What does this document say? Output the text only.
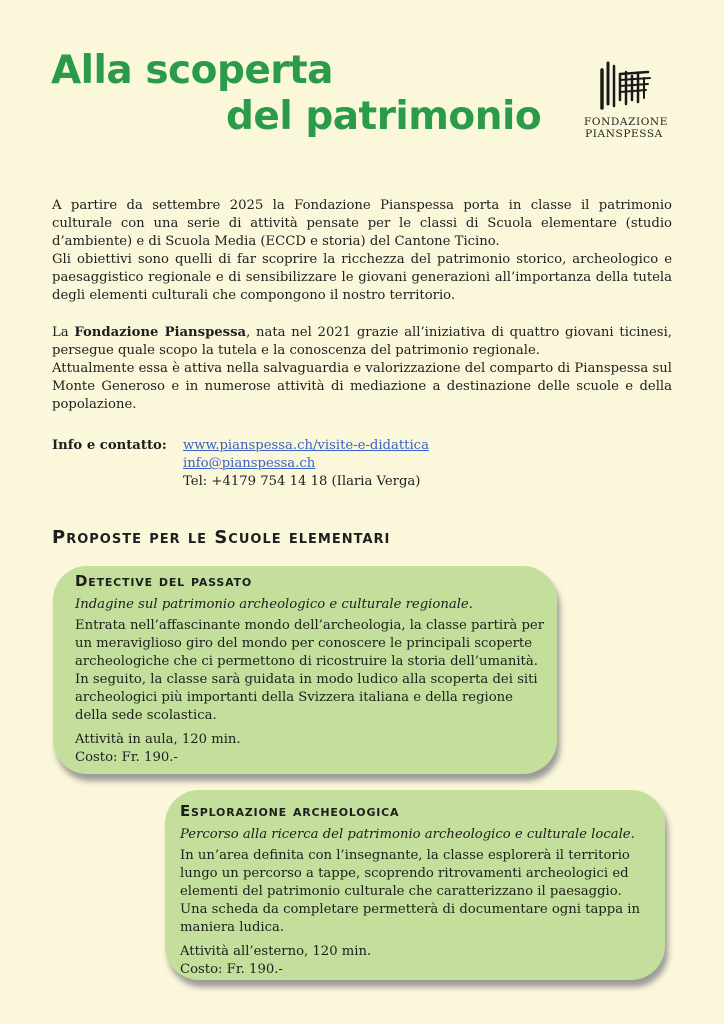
Alla scoperta
del patrimonio	FONDAZIONE
PIANSPESSA

A partire da settembre 2025 la Fondazione Pianspessa porta in classe il patrimonio culturale con una serie di attività pensate per le classi di Scuola elementare (studio d’ambiente) e di Scuola Media (ECCD e storia) del Cantone Ticino.

Gli obiettivi sono quelli di far scoprire la ricchezza del patrimonio storico, archeologico e paesaggistico regionale e di sensibilizzare le giovani generazioni all’importanza della tutela degli elementi culturali che compongono il nostro territorio.

La Fondazione Pianspessa, nata nel 2021 grazie all’iniziativa di quattro giovani ticinesi, persegue quale scopo la tutela e la conoscenza del patrimonio regionale.

Attualmente essa è attiva nella salvaguardia e valorizzazione del comparto di Pianspessa sul Monte Generoso e in numerose attività di mediazione a destinazione delle scuole e della popolazione.

Info e contatto: www.pianspessa.ch/visite-e-didattica
info@pianspessa.ch
Tel: +4179 754 14 18 (Ilaria Verga)
Proposte per le Scuole elementari
Detective del passato

Indagine sul patrimonio archeologico e culturale regionale.

Entrata nell’affascinante mondo dell’archeologia, la classe partirà per un meraviglioso giro del mondo per conoscere le principali scoperte archeologiche che ci permettono di ricostruire la storia dell’umanità. In seguito, la classe sarà guidata in modo ludico alla scoperta dei siti archeologici più importanti della Svizzera italiana e della regione della sede scolastica.

Attività in aula, 120 min.

Costo: Fr. 190.-

Esplorazione archeologica

Percorso alla ricerca del patrimonio archeologico e culturale locale.

In un’area definita con l’insegnante, la classe esplorerà il territorio lungo un percorso a tappe, scoprendo ritrovamenti archeologici ed elementi del patrimonio culturale che caratterizzano il paesaggio. Una scheda da completare permetterà di documentare ogni tappa in maniera ludica.

Attività all’esterno, 120 min.

Costo: Fr. 190.-
